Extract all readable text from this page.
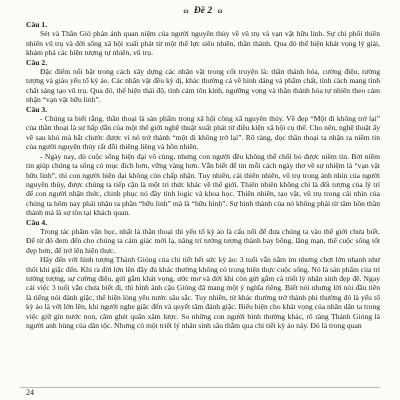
ɷ Đề 2 ɷ

Câu 1.

Sét và Thần Gió phản ánh quan niệm của người nguyên thủy về vũ trụ và vạn vật hữu linh. Sự chi phối thiên nhiên vũ trụ và đời sống xã hội xuất phát từ một thế lực siêu nhiên, thần thánh. Qua đó thể hiện khát vọng lý giải, khám phá các hiện tượng tự nhiên, vũ trụ.

Câu 2.

Đặc điểm nổi bật trong cách xây dựng các nhân vật trong cốt truyện là: thần thánh hóa, cường điệu, tưởng tượng và giàu yếu tố kỳ ảo. Các nhân vật đều kỳ dị, khác thường cả về hình dáng và phẩm chất, tính cách mang tính chất sáng tạo vũ trụ. Qua đó, thể hiện thái độ, tình cảm tôn kính, ngưỡng vọng và thần thánh hóa tự nhiên theo cảm nhận “vạn vật hữu linh”.

Câu 3.

- Chúng ta biết rằng, thần thoại là sản phẩm trong xã hội công xã nguyên thủy. Về đẹp “Một đi không trở lại” của thần thoại là sự hấp dẫn của một thế giới nghệ thuật xuất phát từ điều kiện xã hội cụ thể. Cho nên, nghệ thuật ấy về sau khó mà bắt chước được vì nó trở thành “một đi không trở lại”. Rõ ràng, đọc thần thoại ta nhận ra niềm tin của người nguyên thủy rất đỗi thiêng liêng và hồn nhiên.

- Ngày nay, dù cuộc sống hiện đại vô cùng, nhưng con người đều không thể chối bỏ được niềm tin. Bởi niềm tin giúp chúng ta sống có mục đích hơn, vững vàng hơn. Vẫn biết để tin mỗi cách ngày thơ về sự nhiệm là “vạn vật hữu linh”, thì con người hiện đại không còn chấp nhận. Tuy nhiên, cái thiên nhiên, vũ trụ trong ảnh nhìn của người nguyên thủy, được chúng ta tiếp cận là một tri thức khác về thế giới. Thiên nhiên không chỉ là đối tượng của lý trí để con người nhận thức, chinh phục nó đầy tính logic và khoa học. Thiên nhiên, tạo vật, vũ trụ trong cái nhìn của chúng ta hôm nay phải nhận ra phần “hữu linh” mà là “hữu hình”. Sự hình thành của nó không phải từ tâm hồn thần thánh mà là sự tồn tại khách quan.

Câu 4.

Trong tác phẩm văn học, nhất là thần thoại thì yếu tố kỳ ảo là cấu nối để đưa chúng ta vào thế giới chưa biết. Để từ đó đem đến cho chúng ta cảm giác mới lạ, nâng trí tưởng tượng thành bay bổng, lãng mạn, thể cuộc sống tốt đẹp hơn, để trở lên hiện thực.

Hãy đến với hình tượng Thánh Gióng của chi tiết hết sức kỳ ảo: 3 tuổi vẫn nằm im nhưng chợt lớn nhanh như thổi khi giặc đến. Khi ra đời lớn lên đầy đủ khác thường không có trong hiện thực cuộc sống. Nó là sản phẩm của trí tưởng tượng, sự cường điệu, gửi gắm khát vọng, ước mơ và đời khi còn gửi gắm cả triết lý nhân sinh đẹp đẽ. Ngay cái việc 3 tuổi vẫn chưa biết đi, thì hình ảnh cậu Gióng đã mang một ý nghĩa riêng. Biết nói nhưng lời nói đầu tiên là tiếng nói đánh giặc, thể hiện lòng yêu nước sâu sắc. Tuy nhiên, từ khác thường trở thành phi thường đó là yếu tố kỳ ảo là với lớn lên, khi người nghe giặc đến và quyết tâm đánh giặc. Biểu hiện cho khát vọng của nhân dân ta trong việc giữ gìn nước non, căm ghét quân xâm lược. So những con người bình thường khác, rõ ràng Thánh Gióng là người anh hùng của dân tộc. Nhưng có một triết lý nhân sinh sâu thẳm qua chi tiết kỳ ảo này. Đó là trong quan

24
